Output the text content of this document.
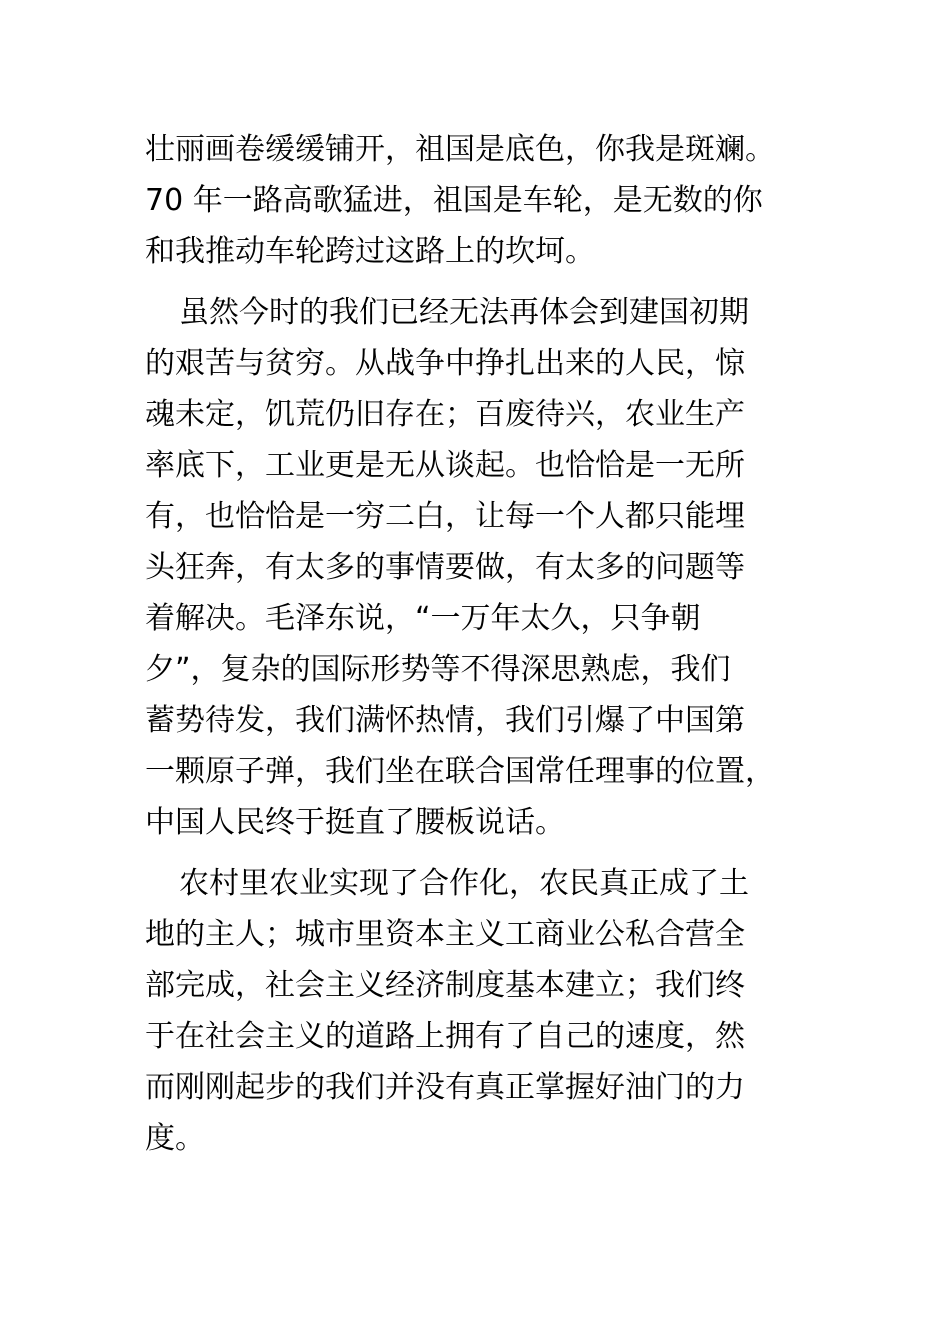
壮丽画卷缓缓铺开，祖国是底色，你我是斑斓。
70 年一路高歌猛进，祖国是车轮，是无数的你
和我推动车轮跨过这路上的坎坷。

虽然今时的我们已经无法再体会到建国初期
的艰苦与贫穷。从战争中挣扎出来的人民，惊
魂未定，饥荒仍旧存在；百废待兴，农业生产
率底下，工业更是无从谈起。也恰恰是一无所
有，也恰恰是一穷二白，让每一个人都只能埋
头狂奔，有太多的事情要做，有太多的问题等
着解决。毛泽东说，“一万年太久，只争朝
夕”，复杂的国际形势等不得深思熟虑，我们
蓄势待发，我们满怀热情，我们引爆了中国第
一颗原子弹，我们坐在联合国常任理事的位置，
中国人民终于挺直了腰板说话。

农村里农业实现了合作化，农民真正成了土
地的主人；城市里资本主义工商业公私合营全
部完成，社会主义经济制度基本建立；我们终
于在社会主义的道路上拥有了自己的速度，然
而刚刚起步的我们并没有真正掌握好油门的力
度。
